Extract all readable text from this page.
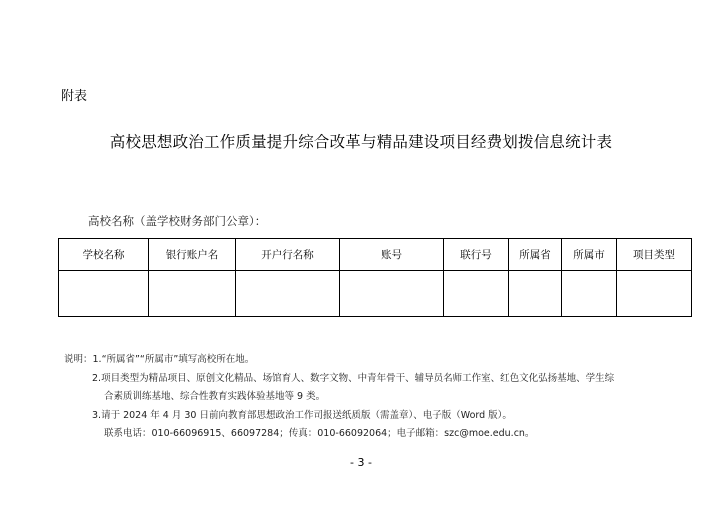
附表
高校思想政治工作质量提升综合改革与精品建设项目经费划拨信息统计表
高校名称（盖学校财务部门公章）：
学校名称	银行账户名	开户行名称	账号	联行号	所属省	所属市	项目类型

说明：1.“所属省”“所属市”填写高校所在地。
2.项目类型为精品项目、原创文化精品、场馆育人、数字文物、中青年骨干、辅导员名师工作室、红色文化弘扬基地、学生综
合素质训练基地、综合性教育实践体验基地等 9 类。
3.请于 2024 年 4 月 30 日前向教育部思想政治工作司报送纸质版（需盖章）、电子版（Word 版）。
联系电话：010-66096915、66097284；传真：010-66092064；电子邮箱：szc@moe.edu.cn。
- 3 -
